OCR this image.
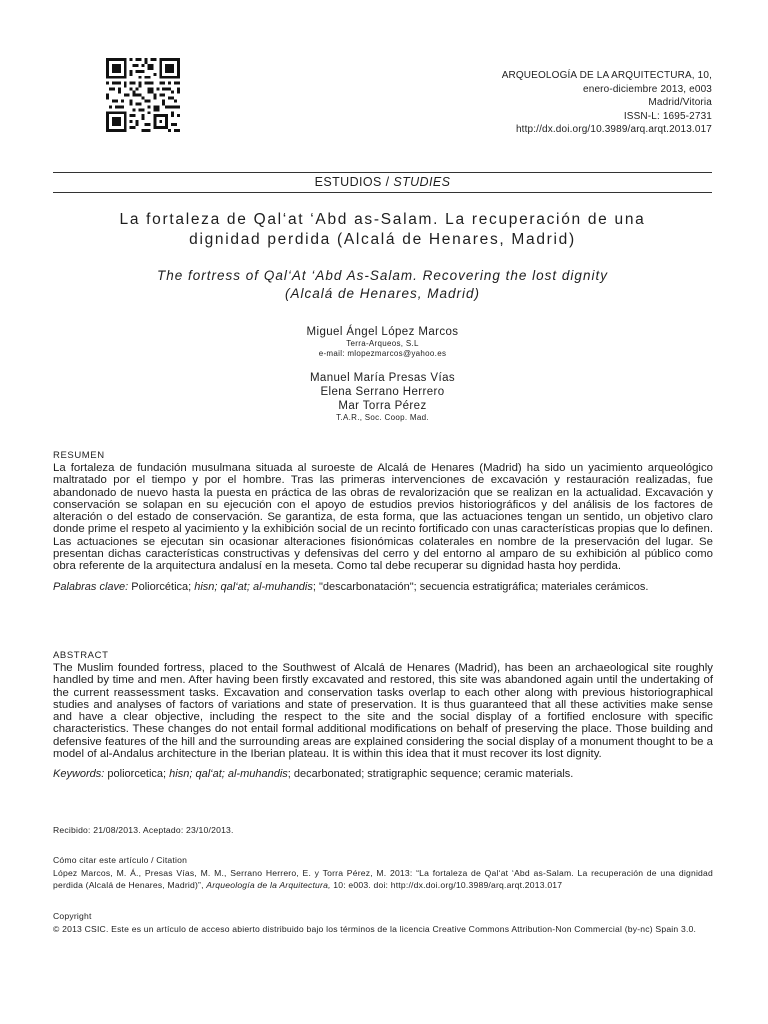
ARQUEOLOGÍA DE LA ARQUITECTURA, 10,
enero-diciembre 2013, e003
Madrid/Vitoria
ISSN-L: 1695-2731
http://dx.doi.org/10.3989/arq.arqt.2013.017
ESTUDIOS / STUDIES
La fortaleza de Qal‘at ‘Abd as-Salam. La recuperación de una
dignidad perdida (Alcalá de Henares, Madrid)
The fortress of Qal‘At ‘Abd As-Salam. Recovering the lost dignity
(Alcalá de Henares, Madrid)
Miguel Ángel López Marcos
Terra-Arqueos, S.L
e-mail: mlopezmarcos@yahoo.es
Manuel María Presas Vías
Elena Serrano Herrero
Mar Torra Pérez
T.A.R., Soc. Coop. Mad.
RESUMEN
La fortaleza de fundación musulmana situada al suroeste de Alcalá de Henares (Madrid) ha sido un yacimiento arqueológico maltratado por el tiempo y por el hombre. Tras las primeras intervenciones de excavación y restauración realizadas, fue abandonado de nuevo hasta la puesta en práctica de las obras de revalorización que se realizan en la actualidad. Excavación y conservación se solapan en su ejecución con el apoyo de estudios previos historiográficos y del análisis de los factores de alteración o del estado de conservación. Se garantiza, de esta forma, que las actuaciones tengan un sentido, un objetivo claro donde prime el respeto al yacimiento y la exhibición social de un recinto fortificado con unas características propias que lo definen. Las actuaciones se ejecutan sin ocasionar alteraciones fisionómicas colaterales en nombre de la preservación del lugar. Se presentan dichas características constructivas y defensivas del cerro y del entorno al amparo de su exhibición al público como obra referente de la arquitectura andalusí en la meseta. Como tal debe recuperar su dignidad hasta hoy perdida.
Palabras clave: Poliorcética; hisn; qal‘at; al-muhandis; "descarbonatación"; secuencia estratigráfica; materiales cerámicos.
ABSTRACT
The Muslim founded fortress, placed to the Southwest of Alcalá de Henares (Madrid), has been an archaeological site roughly handled by time and men. After having been firstly excavated and restored, this site was abandoned again until the undertaking of the current reassessment tasks. Excavation and conservation tasks overlap to each other along with previous historiographical studies and analyses of factors of variations and state of preservation. It is thus guaranteed that all these activities make sense and have a clear objective, including the respect to the site and the social display of a fortified enclosure with specific characteristics. These changes do not entail formal additional modifications on behalf of preserving the place. Those building and defensive features of the hill and the surrounding areas are explained considering the social display of a monument thought to be a model of al-Andalus architecture in the Iberian plateau. It is within this idea that it must recover its lost dignity.
Keywords: poliorcetica; hisn; qal‘at; al-muhandis; decarbonated; stratigraphic sequence; ceramic materials.
Recibido: 21/08/2013. Aceptado: 23/10/2013.
Cómo citar este artículo / Citation
López Marcos, M. Á., Presas Vías, M. M., Serrano Herrero, E. y Torra Pérez, M. 2013: “La fortaleza de Qal‘at ‘Abd as-Salam. La recuperación de una dignidad perdida (Alcalá de Henares, Madrid)”, Arqueología de la Arquitectura, 10: e003. doi: http://dx.doi.org/10.3989/arq.arqt.2013.017
Copyright
© 2013 CSIC. Este es un artículo de acceso abierto distribuido bajo los términos de la licencia Creative Commons Attribution-Non Commercial (by-nc) Spain 3.0.
